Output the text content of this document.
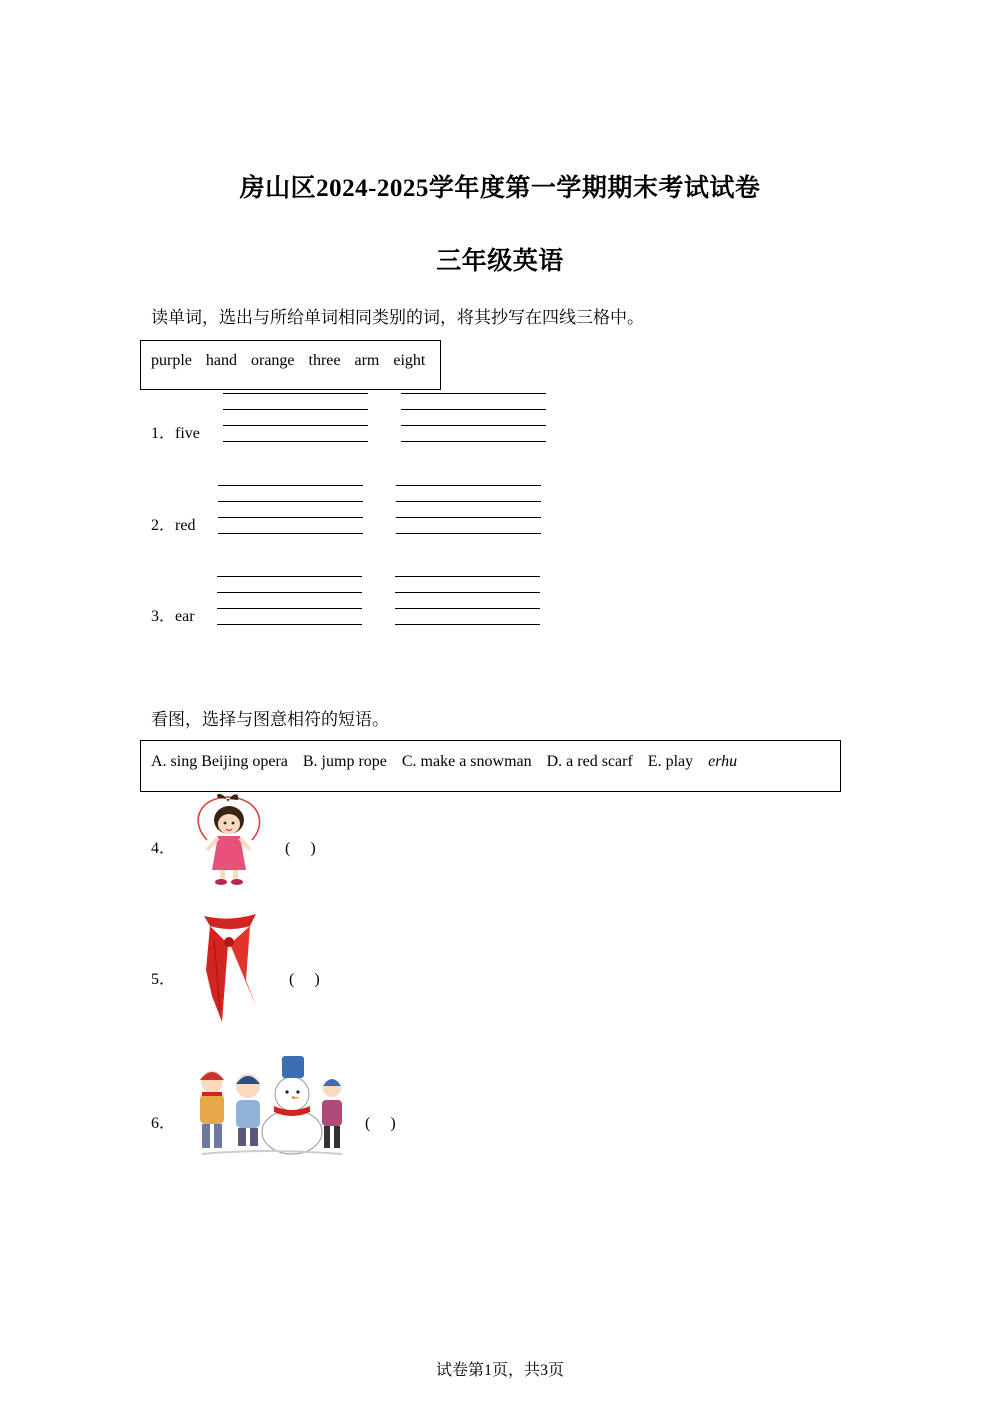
房山区2024-2025学年度第一学期期末考试试卷
三年级英语
读单词，选出与所给单词相同类别的词，将其抄写在四线三格中。
purple hand orange three arm eight
1．five
2．red
3．ear
看图，选择与图意相符的短语。
A. sing Beijing opera B. jump rope C. make a snowman D. a red scarf E. play erhu
4．	(　 )
5．	(　 )
6．	(　 )
试卷第1页，共3页
